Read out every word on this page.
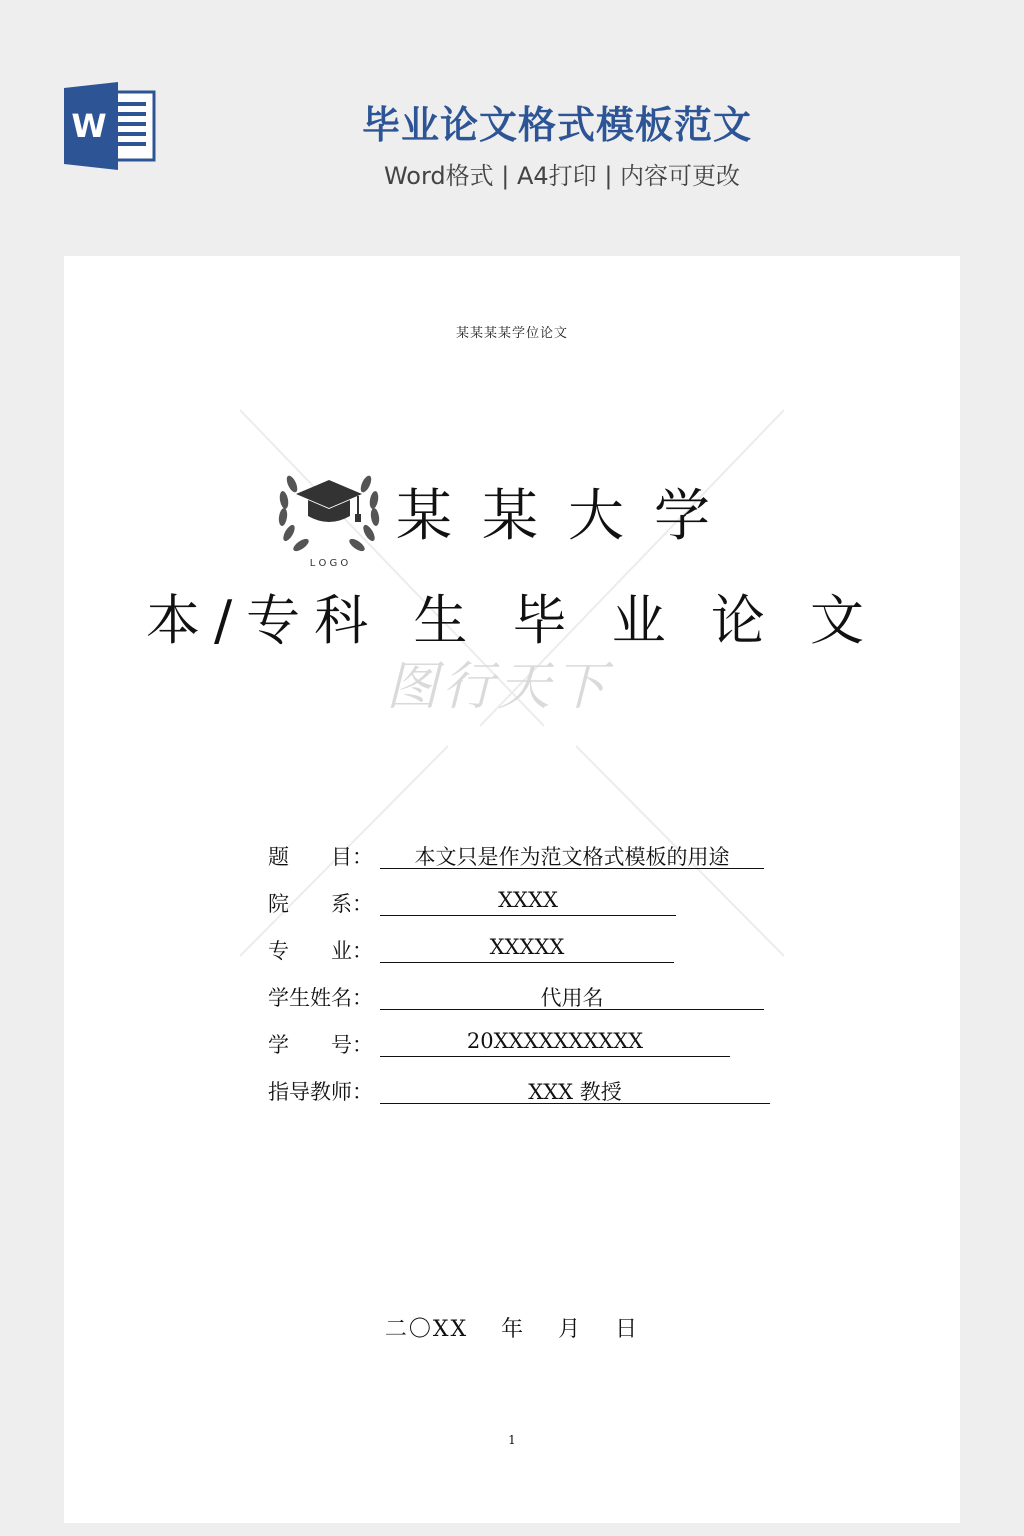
W	毕业论文格式模板范文
Word格式 | A4打印 | 内容可更改
某某某某学位论文
L O G O
某某大学
本/专科 生 毕 业 论 文
图行天下
题　　目：	本文只是作为范文格式模板的用途
院　　系：	XXXX
专　　业：	XXXXX
学生姓名：	代用名
学　　号：	20XXXXXXXXXX
指导教师：	XXX 教授
二〇XX　 年　 月　 日
1
